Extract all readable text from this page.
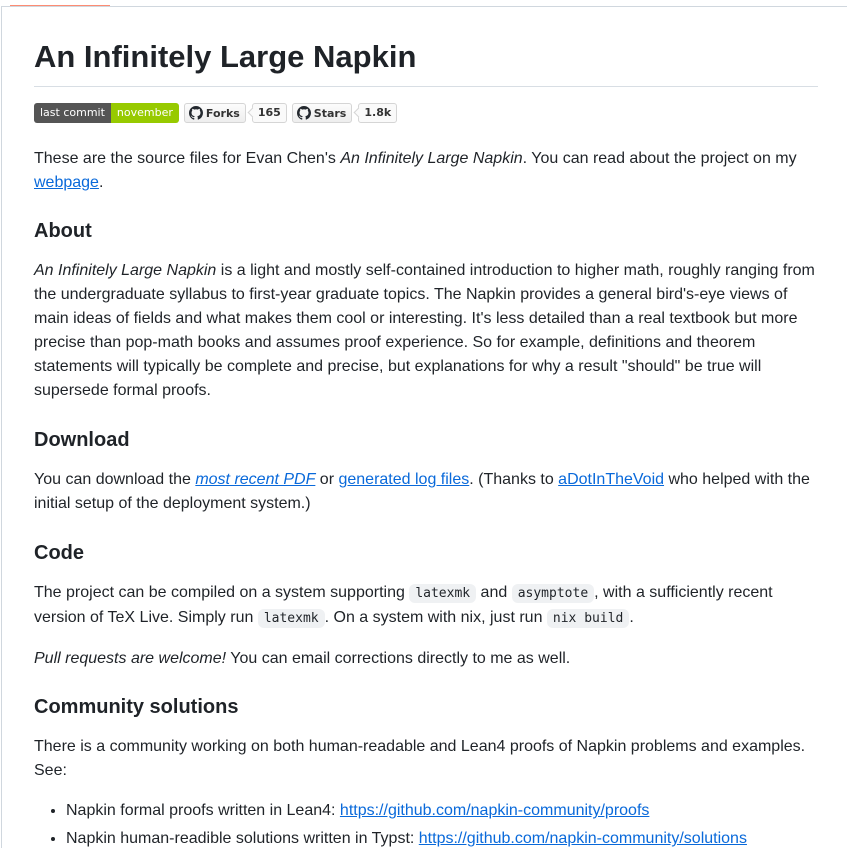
An Infinitely Large Napkin
last commit	november	Forks	165	Stars	1.8k

These are the source files for Evan Chen's An Infinitely Large Napkin. You can read about the project on my webpage.

About

An Infinitely Large Napkin is a light and mostly self-contained introduction to higher math, roughly ranging from the undergraduate syllabus to first-year graduate topics. The Napkin provides a general bird's-eye views of main ideas of fields and what makes them cool or interesting. It's less detailed than a real textbook but more precise than pop-math books and assumes proof experience. So for example, definitions and theorem statements will typically be complete and precise, but explanations for why a result "should" be true will supersede formal proofs.

Download

You can download the most recent PDF or generated log files. (Thanks to aDotInTheVoid who helped with the initial setup of the deployment system.)

Code

The project can be compiled on a system supporting latexmk and asymptote , with a sufficiently recent version of TeX Live. Simply run latexmk . On a system with nix, just run nix build .

Pull requests are welcome! You can email corrections directly to me as well.

Community solutions

There is a community working on both human-readable and Lean4 proofs of Napkin problems and examples. See:

• Napkin formal proofs written in Lean4: https://github.com/napkin-community/proofs
• Napkin human-readible solutions written in Typst: https://github.com/napkin-community/solutions
